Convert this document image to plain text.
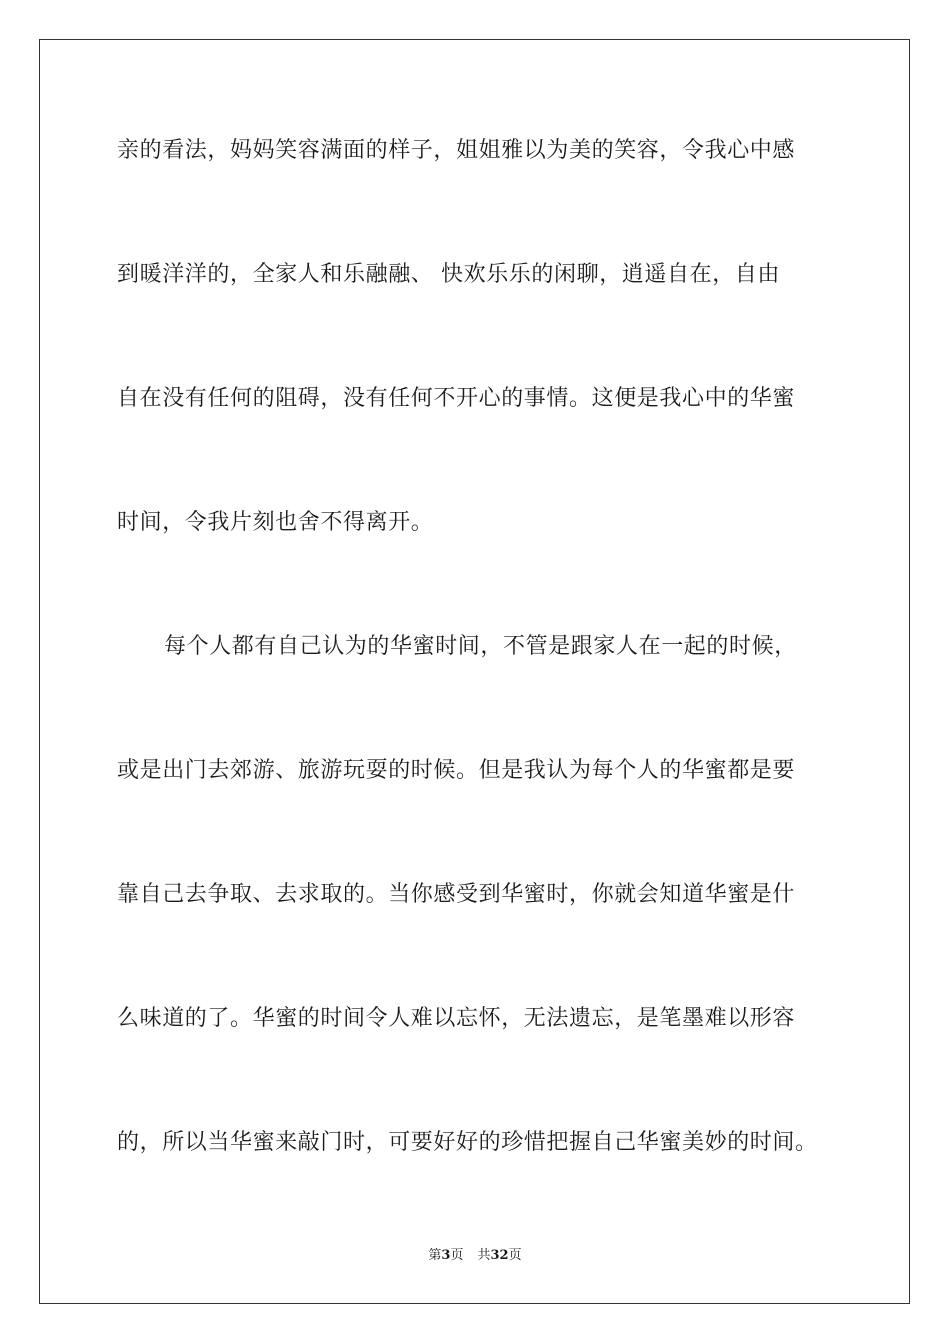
亲的看法，妈妈笑容满面的样子，姐姐雅以为美的笑容，令我心中感
到暖洋洋的，全家人和乐融融、 快欢乐乐的闲聊，逍遥自在，自由
自在没有任何的阻碍，没有任何不开心的事情。这便是我心中的华蜜
时间，令我片刻也舍不得离开。
每个人都有自己认为的华蜜时间，不管是跟家人在一起的时候，
或是出门去郊游、旅游玩耍的时候。但是我认为每个人的华蜜都是要
靠自己去争取、去求取的。当你感受到华蜜时，你就会知道华蜜是什
么味道的了。华蜜的时间令人难以忘怀，无法遗忘，是笔墨难以形容
的，所以当华蜜来敲门时，可要好好的珍惜把握自己华蜜美妙的时间。
第3页 共32页
